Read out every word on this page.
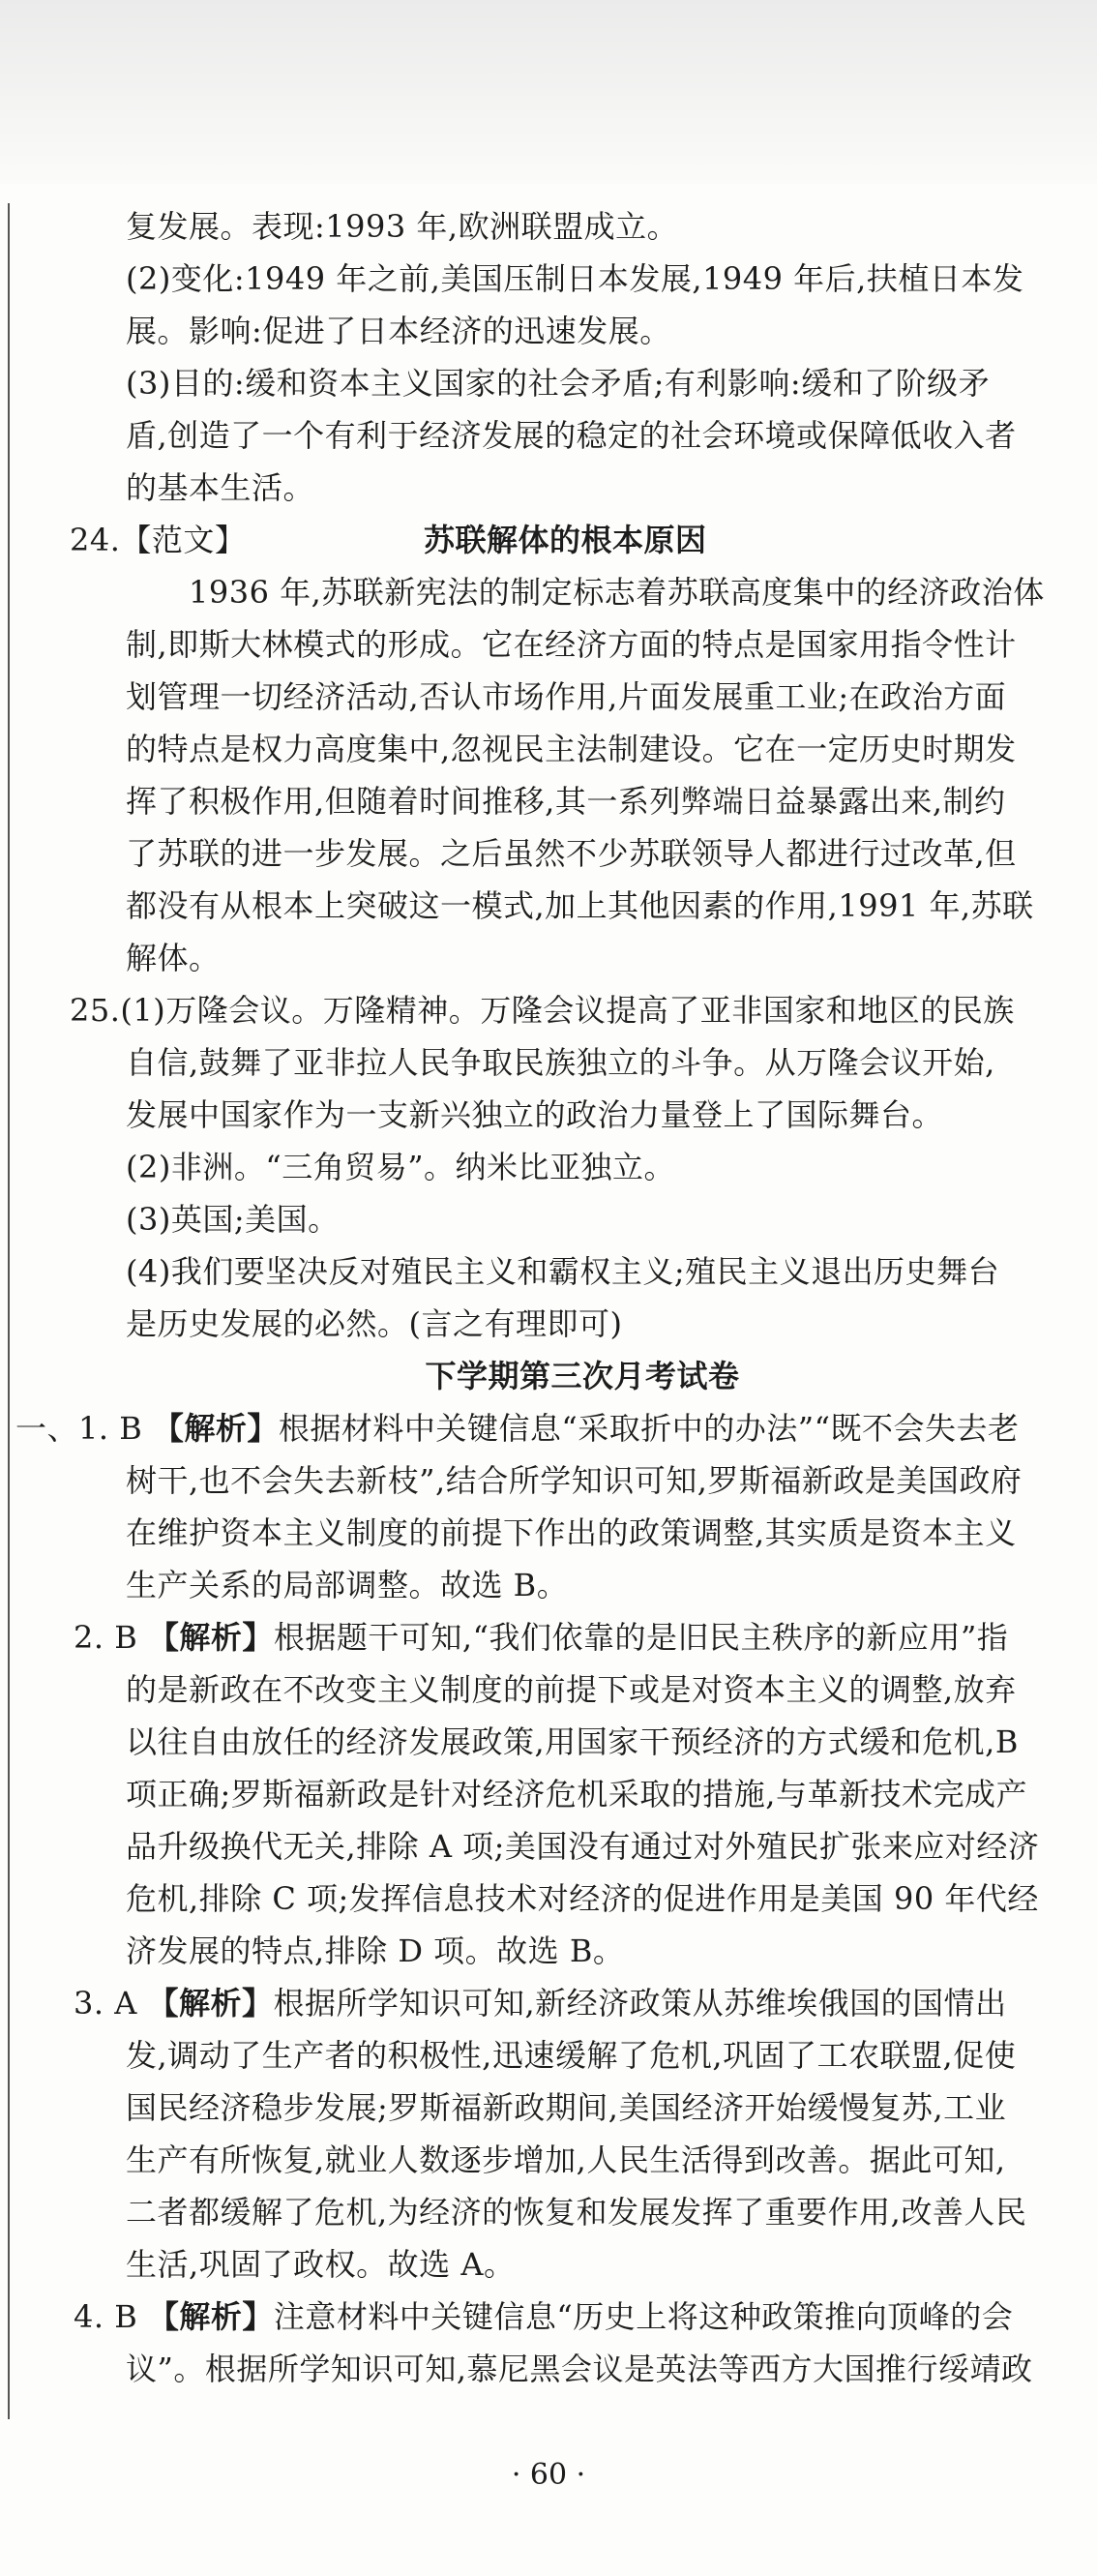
复发展。表现:1993 年,欧洲联盟成立。
(2)变化:1949 年之前,美国压制日本发展,1949 年后,扶植日本发
展。影响:促进了日本经济的迅速发展。
(3)目的:缓和资本主义国家的社会矛盾;有利影响:缓和了阶级矛
盾,创造了一个有利于经济发展的稳定的社会环境或保障低收入者
的基本生活。
24.【范文】	苏联解体的根本原因
1936 年,苏联新宪法的制定标志着苏联高度集中的经济政治体
制,即斯大林模式的形成。它在经济方面的特点是国家用指令性计
划管理一切经济活动,否认市场作用,片面发展重工业;在政治方面
的特点是权力高度集中,忽视民主法制建设。它在一定历史时期发
挥了积极作用,但随着时间推移,其一系列弊端日益暴露出来,制约
了苏联的进一步发展。之后虽然不少苏联领导人都进行过改革,但
都没有从根本上突破这一模式,加上其他因素的作用,1991 年,苏联
解体。
25.(1)万隆会议。万隆精神。万隆会议提高了亚非国家和地区的民族
自信,鼓舞了亚非拉人民争取民族独立的斗争。从万隆会议开始,
发展中国家作为一支新兴独立的政治力量登上了国际舞台。
(2)非洲。“三角贸易”。纳米比亚独立。
(3)英国;美国。
(4)我们要坚决反对殖民主义和霸权主义;殖民主义退出历史舞台
是历史发展的必然。(言之有理即可)
下学期第三次月考试卷
一、1. B 【解析】根据材料中关键信息“采取折中的办法”“既不会失去老
树干,也不会失去新枝”,结合所学知识可知,罗斯福新政是美国政府
在维护资本主义制度的前提下作出的政策调整,其实质是资本主义
生产关系的局部调整。故选 B。
2. B 【解析】根据题干可知,“我们依靠的是旧民主秩序的新应用”指
的是新政在不改变主义制度的前提下或是对资本主义的调整,放弃
以往自由放任的经济发展政策,用国家干预经济的方式缓和危机,B
项正确;罗斯福新政是针对经济危机采取的措施,与革新技术完成产
品升级换代无关,排除 A 项;美国没有通过对外殖民扩张来应对经济
危机,排除 C 项;发挥信息技术对经济的促进作用是美国 90 年代经
济发展的特点,排除 D 项。故选 B。
3. A 【解析】根据所学知识可知,新经济政策从苏维埃俄国的国情出
发,调动了生产者的积极性,迅速缓解了危机,巩固了工农联盟,促使
国民经济稳步发展;罗斯福新政期间,美国经济开始缓慢复苏,工业
生产有所恢复,就业人数逐步增加,人民生活得到改善。据此可知,
二者都缓解了危机,为经济的恢复和发展发挥了重要作用,改善人民
生活,巩固了政权。故选 A。
4. B 【解析】注意材料中关键信息“历史上将这种政策推向顶峰的会
议”。根据所学知识可知,慕尼黑会议是英法等西方大国推行绥靖政
· 60 ·
